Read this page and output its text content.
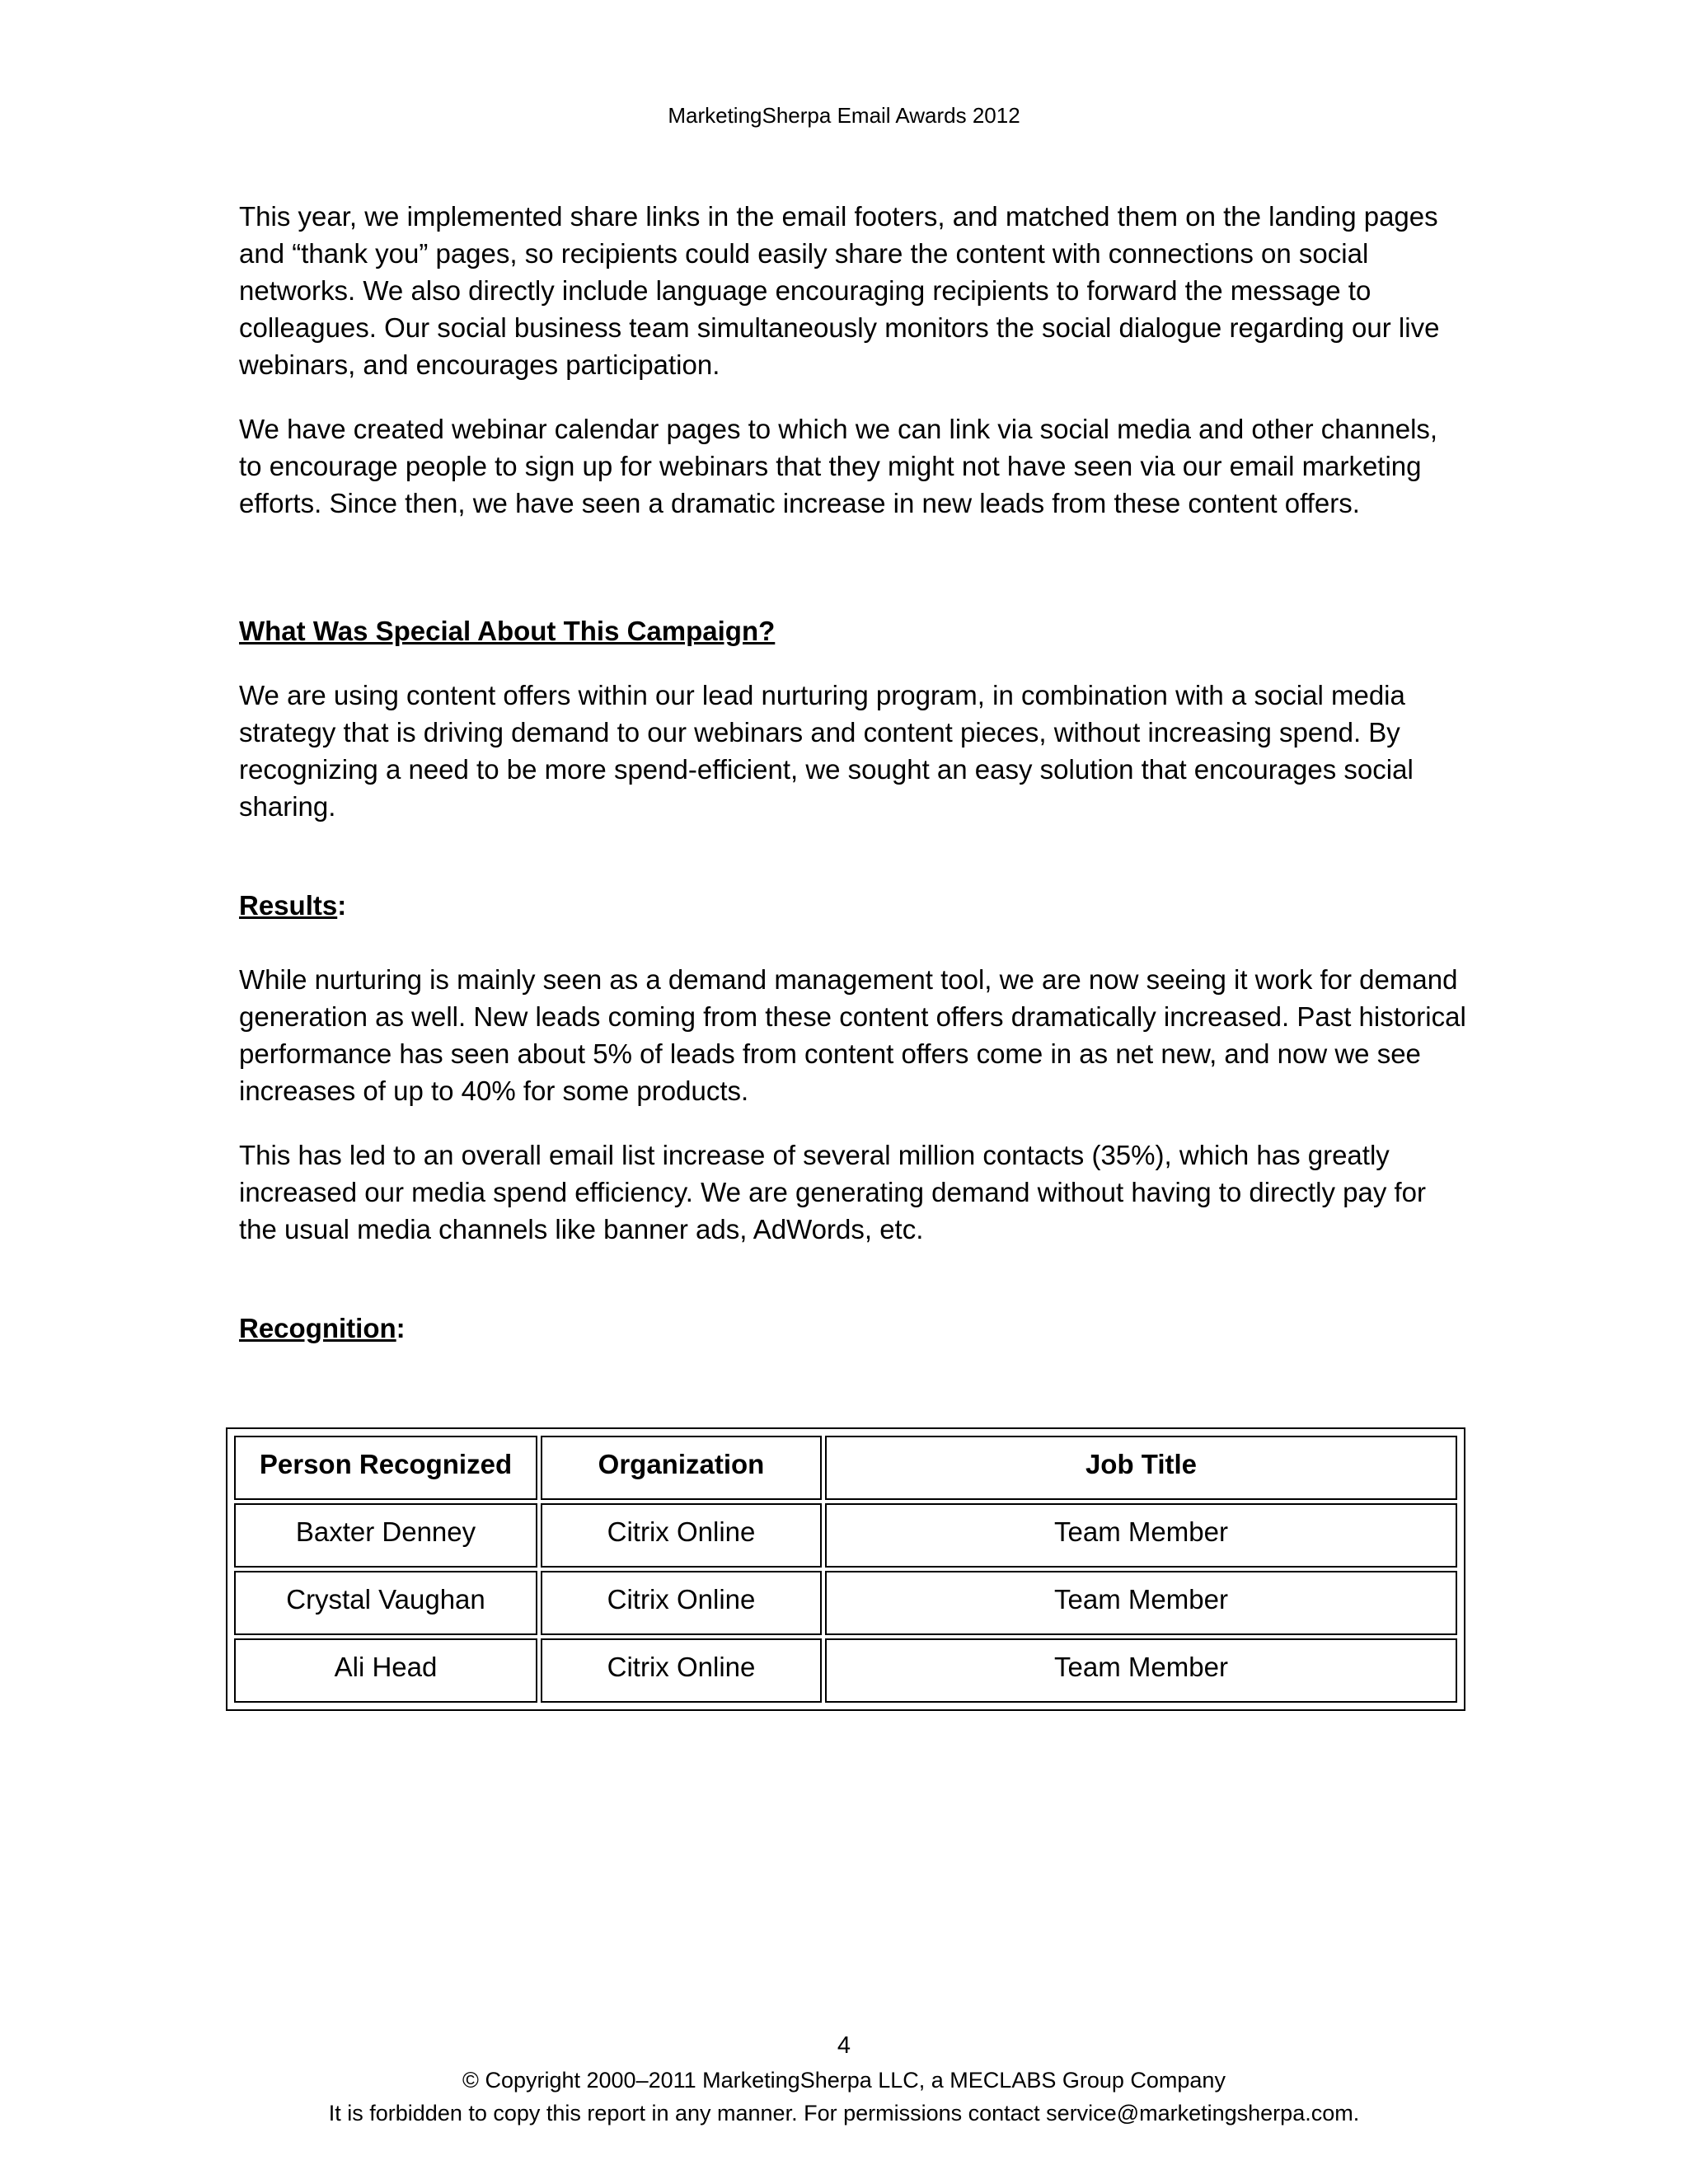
MarketingSherpa Email Awards 2012

This year, we implemented share links in the email footers, and matched them on the landing pages and “thank you” pages, so recipients could easily share the content with connections on social networks. We also directly include language encouraging recipients to forward the message to colleagues. Our social business team simultaneously monitors the social dialogue regarding our live webinars, and encourages participation.

We have created webinar calendar pages to which we can link via social media and other channels, to encourage people to sign up for webinars that they might not have seen via our email marketing efforts. Since then, we have seen a dramatic increase in new leads from these content offers.

What Was Special About This Campaign?

We are using content offers within our lead nurturing program, in combination with a social media strategy that is driving demand to our webinars and content pieces, without increasing spend. By recognizing a need to be more spend-efficient, we sought an easy solution that encourages social sharing.

Results:

While nurturing is mainly seen as a demand management tool, we are now seeing it work for demand generation as well. New leads coming from these content offers dramatically increased. Past historical performance has seen about 5% of leads from content offers come in as net new, and now we see increases of up to 40% for some products.

This has led to an overall email list increase of several million contacts (35%), which has greatly increased our media spend efficiency. We are generating demand without having to directly pay for the usual media channels like banner ads, AdWords, etc.

Recognition:

Person Recognized	Organization	Job Title
Baxter Denney	Citrix Online	Team Member
Crystal Vaughan	Citrix Online	Team Member
Ali Head	Citrix Online	Team Member
4
© Copyright 2000–2011 MarketingSherpa LLC, a MECLABS Group Company
It is forbidden to copy this report in any manner. For permissions contact service@marketingsherpa.com.
